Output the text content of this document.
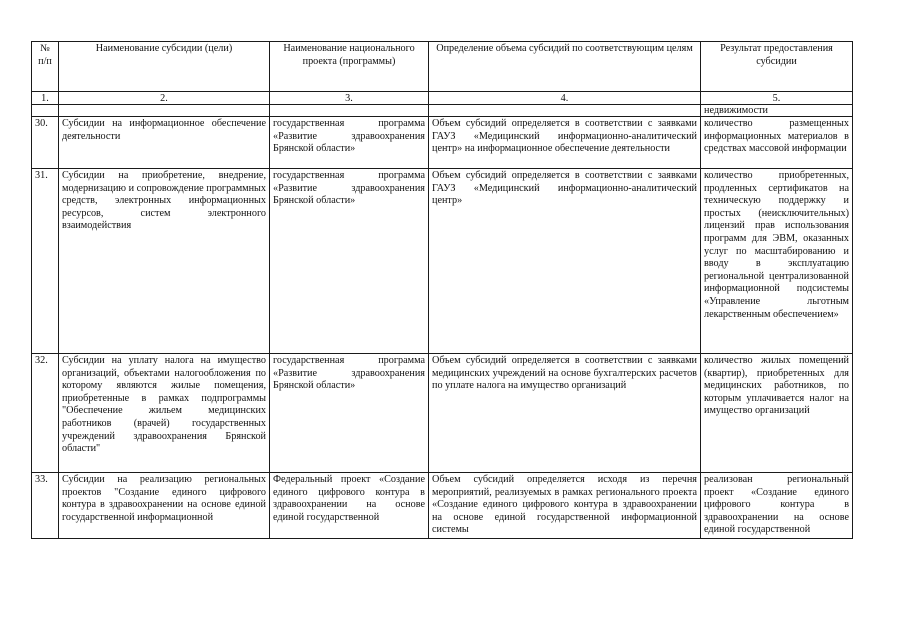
№ п/п	Наименование субсидии (цели)	Наименование национального проекта (программы)	Определение объема субсидий по соответствующим целям	Результат предоставления субсидии
1.	2.	3.	4.	5.
				недвижимости
30.	Субсидии на информационное обеспечение деятельности	государственная программа «Развитие здравоохранения Брянской области»	Объем субсидий определяется в соответствии с заявками ГАУЗ «Медицинский информационно-аналитический центр» на информационное обеспечение деятельности	количество размещенных информационных материалов в средствах массовой информации

31.	Субсидии на приобретение, внедрение, модернизацию и сопровождение программных средств, электронных информационных ресурсов, систем электронного взаимодействия	государственная программа «Развитие здравоохранения Брянской области»	Объем субсидий определяется в соответствии с заявками ГАУЗ «Медицинский информационно-аналитический центр»	количество приобретенных, продленных сертификатов на техническую поддержку и простых (неисключительных) лицензий прав использования программ для ЭВМ, оказанных услуг по масштабированию и вводу в эксплуатацию региональной централизованной информационной подсистемы «Управление льготным лекарственным обеспечением»

32.	Субсидии на уплату налога на имущество организаций, объектами налогообложения по которому являются жилые помещения, приобретенные в рамках подпрограммы "Обеспечение жильем медицинских работников (врачей) государственных учреждений здравоохранения Брянской области"	государственная программа «Развитие здравоохранения Брянской области»	Объем субсидий определяется в соответствии с заявками медицинских учреждений на основе бухгалтерских расчетов по уплате налога на имущество организаций	количество жилых помещений (квартир), приобретенных для медицинских работников, по которым уплачивается налог на имущество организаций

33.	Субсидии на реализацию региональных проектов "Создание единого цифрового контура в здравоохранении на основе единой государственной информационной	Федеральный проект «Создание единого цифрового контура в здравоохранении на основе единой государственной	Объем субсидий определяется исходя из перечня мероприятий, реализуемых в рамках регионального проекта «Создание единого цифрового контура в здравоохранении на основе единой государственной информационной системы	реализован региональный проект «Создание единого цифрового контура в здравоохранении на основе единой государственной
